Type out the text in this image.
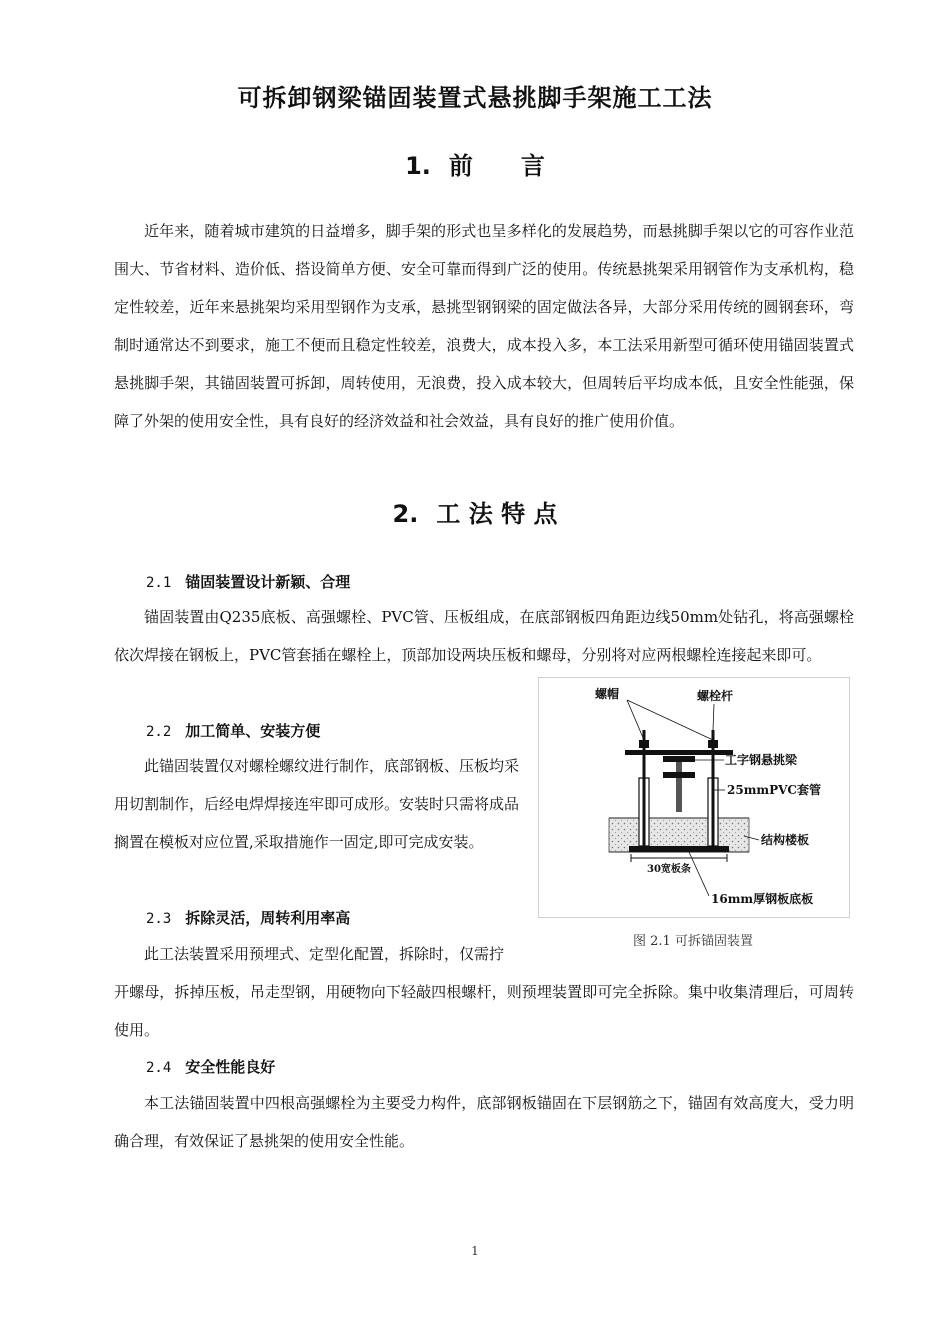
可拆卸钢梁锚固装置式悬挑脚手架施工工法
1. 前　　言
近年来，随着城市建筑的日益增多，脚手架的形式也呈多样化的发展趋势，而悬挑脚手架以它的可容作业范围大、节省材料、造价低、搭设简单方便、安全可靠而得到广泛的使用。传统悬挑架采用钢管作为支承机构，稳定性较差，近年来悬挑架均采用型钢作为支承，悬挑型钢钢梁的固定做法各异，大部分采用传统的圆钢套环，弯制时通常达不到要求，施工不便而且稳定性较差，浪费大，成本投入多，本工法采用新型可循环使用锚固装置式悬挑脚手架，其锚固装置可拆卸，周转使用，无浪费，投入成本较大，但周转后平均成本低，且安全性能强，保障了外架的使用安全性，具有良好的经济效益和社会效益，具有良好的推广使用价值。
2. 工 法 特 点
2.1 锚固装置设计新颖、合理
锚固装置由Q235底板、高强螺栓、PVC管、压板组成，在底部钢板四角距边线50mm处钻孔，将高强螺栓依次焊接在钢板上，PVC管套插在螺栓上，顶部加设两块压板和螺母，分别将对应两根螺栓连接起来即可。
2.2 加工简单、安装方便
此锚固装置仅对螺栓螺纹进行制作，底部钢板、压板均采用切割制作，后经电焊焊接连牢即可成形。安装时只需将成品搁置在模板对应位置,采取措施作一固定,即可完成安装。
2.3 拆除灵活，周转利用率高
此工法装置采用预埋式、定型化配置，拆除时，仅需拧
开螺母，拆掉压板，吊走型钢，用硬物向下轻敲四根螺杆，则预埋装置即可完全拆除。集中收集清理后，可周转使用。
2.4 安全性能良好
本工法锚固装置中四根高强螺栓为主要受力构件，底部钢板锚固在下层钢筋之下，锚固有效高度大，受力明确合理，有效保证了悬挑架的使用安全性能。
螺帽	螺栓杆
工字钢悬挑梁
25mmPVC套管
结构楼板
30宽板条
16mm厚钢板底板
图 2.1 可拆锚固装置
1
